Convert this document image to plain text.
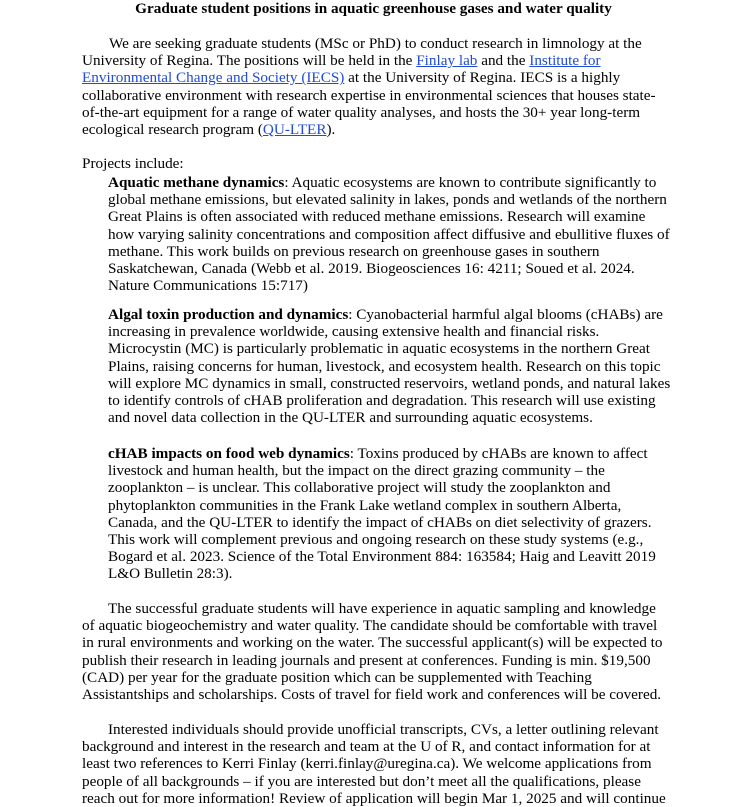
Graduate student positions in aquatic greenhouse gases and water quality

We are seeking graduate students (MSc or PhD) to conduct research in limnology at the University of Regina. The positions will be held in the Finlay lab and the Institute for Environmental Change and Society (IECS) at the University of Regina. IECS is a highly collaborative environment with research expertise in environmental sciences that houses state-of-the-art equipment for a range of water quality analyses, and hosts the 30+ year long-term ecological research program (QU-LTER).

Projects include:

Aquatic methane dynamics: Aquatic ecosystems are known to contribute significantly to global methane emissions, but elevated salinity in lakes, ponds and wetlands of the northern Great Plains is often associated with reduced methane emissions. Research will examine how varying salinity concentrations and composition affect diffusive and ebullitive fluxes of methane. This work builds on previous research on greenhouse gases in southern Saskatchewan, Canada (Webb et al. 2019. Biogeosciences 16: 4211; Soued et al. 2024. Nature Communications 15:717)

Algal toxin production and dynamics: Cyanobacterial harmful algal blooms (cHABs) are increasing in prevalence worldwide, causing extensive health and financial risks. Microcystin (MC) is particularly problematic in aquatic ecosystems in the northern Great Plains, raising concerns for human, livestock, and ecosystem health. Research on this topic will explore MC dynamics in small, constructed reservoirs, wetland ponds, and natural lakes to identify controls of cHAB proliferation and degradation. This research will use existing and novel data collection in the QU-LTER and surrounding aquatic ecosystems.

cHAB impacts on food web dynamics: Toxins produced by cHABs are known to affect livestock and human health, but the impact on the direct grazing community – the zooplankton – is unclear. This collaborative project will study the zooplankton and phytoplankton communities in the Frank Lake wetland complex in southern Alberta, Canada, and the QU-LTER to identify the impact of cHABs on diet selectivity of grazers. This work will complement previous and ongoing research on these study systems (e.g., Bogard et al. 2023. Science of the Total Environment 884: 163584; Haig and Leavitt 2019 L&O Bulletin 28:3).

The successful graduate students will have experience in aquatic sampling and knowledge of aquatic biogeochemistry and water quality. The candidate should be comfortable with travel in rural environments and working on the water. The successful applicant(s) will be expected to publish their research in leading journals and present at conferences. Funding is min. $19,500 (CAD) per year for the graduate position which can be supplemented with Teaching Assistantships and scholarships. Costs of travel for field work and conferences will be covered.

Interested individuals should provide unofficial transcripts, CVs, a letter outlining relevant background and interest in the research and team at the U of R, and contact information for at least two references to Kerri Finlay (kerri.finlay@uregina.ca). We welcome applications from people of all backgrounds – if you are interested but don’t meet all the qualifications, please reach out for more information! Review of application will begin Mar 1, 2025 and will continue
